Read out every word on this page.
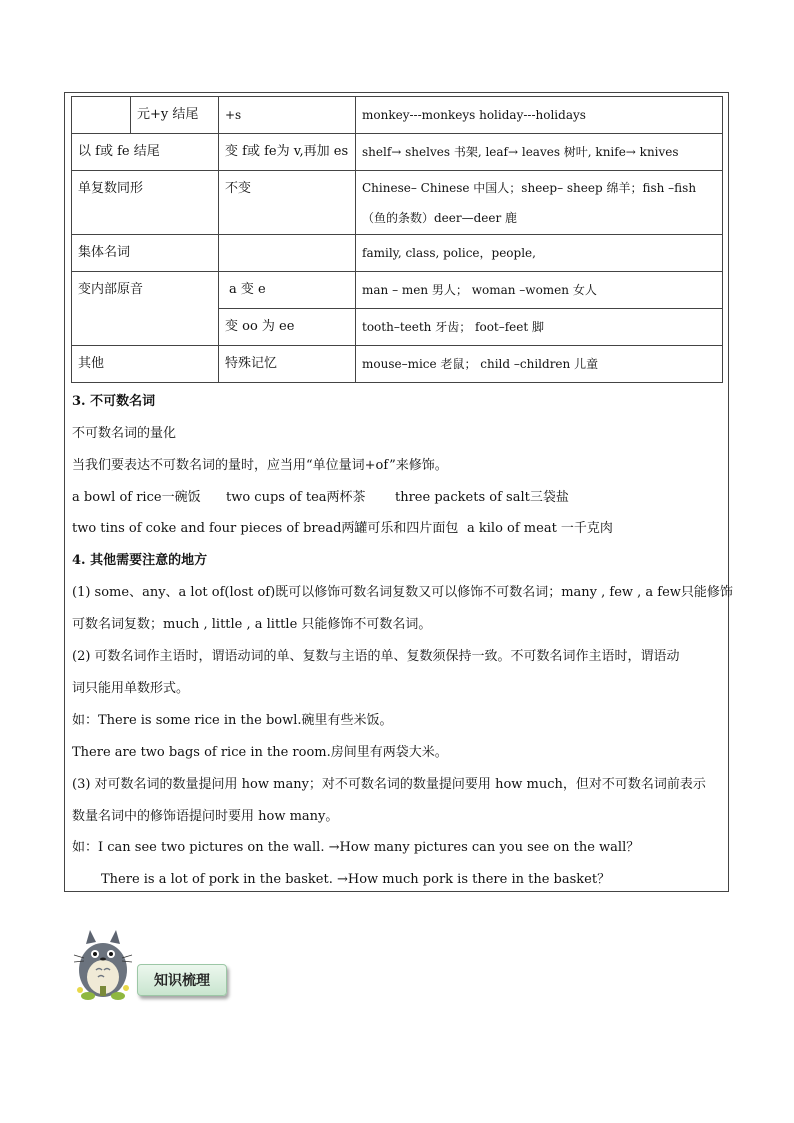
	元+y 结尾	+s	monkey---monkeys holiday---holidays
以 f或 fe 结尾		变 f或 fe为 v,再加 es	shelf→ shelves 书架, leaf→ leaves 树叶, knife→ knives
单复数同形		不变	Chinese– Chinese 中国人；sheep– sheep 绵羊；fish –fish（鱼的条数）deer—deer 鹿
集体名词			family, class, police，people,
变内部原音		a 变 e	man – men 男人； woman –women 女人
		变 oo 为 ee	tooth–teeth 牙齿； foot–feet 脚
其他		特殊记忆	mouse–mice 老鼠； child –children 儿童
3. 不可数名词
不可数名词的量化
当我们要表达不可数名词的量时，应当用“单位量词+of”来修饰。
a bowl of rice一碗饭 two cups of tea两杯茶 three packets of salt三袋盐
two tins of coke and four pieces of bread两罐可乐和四片面包 a kilo of meat 一千克肉
4. 其他需要注意的地方
(1) some、any、a lot of(lost of)既可以修饰可数名词复数又可以修饰不可数名词；many , few , a few只能修饰
可数名词复数；much , little , a little 只能修饰不可数名词。
(2) 可数名词作主语时，谓语动词的单、复数与主语的单、复数须保持一致。不可数名词作主语时，谓语动
词只能用单数形式。
如：There is some rice in the bowl.碗里有些米饭。
There are two bags of rice in the room.房间里有两袋大米。
(3) 对可数名词的数量提问用 how many；对不可数名词的数量提问要用 how much，但对不可数名词前表示
数量名词中的修饰语提问时要用 how many。
如：I can see two pictures on the wall. →How many pictures can you see on the wall？
There is a lot of pork in the basket. →How much pork is there in the basket？
知识梳理
